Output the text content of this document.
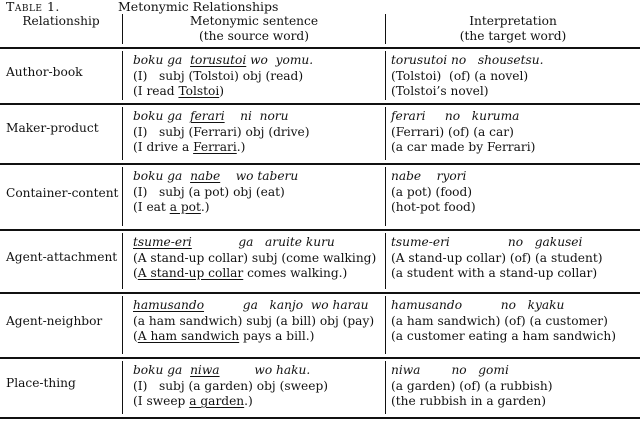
Table 1.	Metonymic Relationships
Relationship	Metonymic sentence
(the source word)
Interpretation
(the target word)
Author-book
boku ga  torusutoi wo  yomu.
(I)   subj (Tolstoi) obj (read)
(I read Tolstoi)
torusutoi no   shousetsu.
(Tolstoi)  (of) (a novel)
(Tolstoi’s novel)
Maker-product
boku ga  ferari    ni  noru
(I)   subj (Ferrari) obj (drive)
(I drive a Ferrari.)
ferari     no   kuruma
(Ferrari) (of) (a car)
(a car made by Ferrari)
Container-content
boku ga  nabe    wo taberu
(I)   subj (a pot) obj (eat)
(I eat a pot.)
nabe    ryori
(a pot) (food)
(hot-pot food)
Agent-attachment
tsume-eri            ga   aruite kuru
(A stand-up collar) subj (come walking)
(A stand-up collar comes walking.)
tsume-eri               no   gakusei
(A stand-up collar) (of) (a student)
(a student with a stand-up collar)
Agent-neighbor
hamusando          ga   kanjo  wo harau
(a ham sandwich) subj (a bill) obj (pay)
(A ham sandwich pays a bill.)
hamusando          no   kyaku
(a ham sandwich) (of) (a customer)
(a customer eating a ham sandwich)
Place-thing
boku ga  niwa         wo haku.
(I)   subj (a garden) obj (sweep)
(I sweep a garden.)
niwa        no   gomi
(a garden) (of) (a rubbish)
(the rubbish in a garden)
